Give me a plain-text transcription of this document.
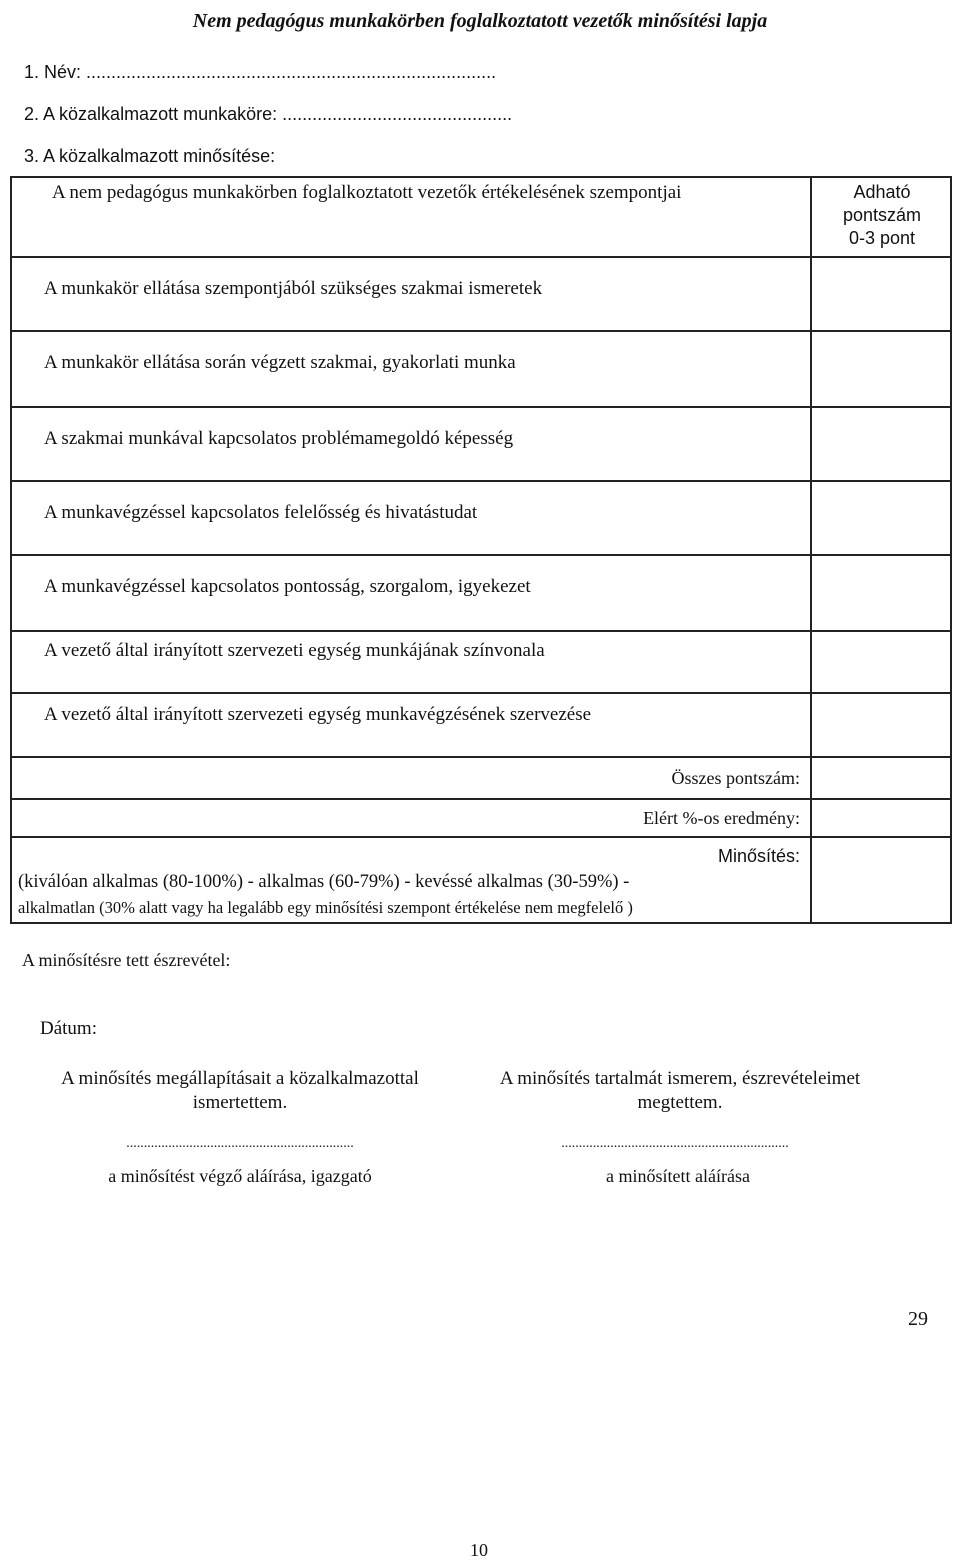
Nem pedagógus munkakörben foglalkoztatott vezetők minősítési lapja
1. Név: ..................................................................................
2. A közalkalmazott munkaköre: ..............................................
3. A közalkalmazott minősítése:
A nem pedagógus munkakörben foglalkoztatott vezetők értékelésének szempontjai	Adható
pontszám
0-3 pont
A munkakör ellátása szempontjából szükséges szakmai ismeretek
A munkakör ellátása során végzett szakmai, gyakorlati munka
A szakmai munkával kapcsolatos problémamegoldó képesség
A munkavégzéssel kapcsolatos felelősség és hivatástudat
A munkavégzéssel kapcsolatos pontosság, szorgalom, igyekezet
A vezető által irányított szervezeti egység munkájának színvonala
A vezető által irányított szervezeti egység munkavégzésének szervezése
Összes pontszám:
Elért %-os eredmény:
Minősítés:
(kiválóan alkalmas (80-100%) - alkalmas (60-79%) - kevéssé alkalmas (30-59%) -
alkalmatlan (30% alatt vagy ha legalább egy minősítési szempont értékelése nem megfelelő )
A minősítésre tett észrevétel:
Dátum:
A minősítés megállapításait a közalkalmazottal
ismertettem.
A minősítés tartalmát ismerem, észrevételeimet
megtettem.
.................................................................	.................................................................
a minősítést végző aláírása, igazgató	a minősített aláírása
29
10
